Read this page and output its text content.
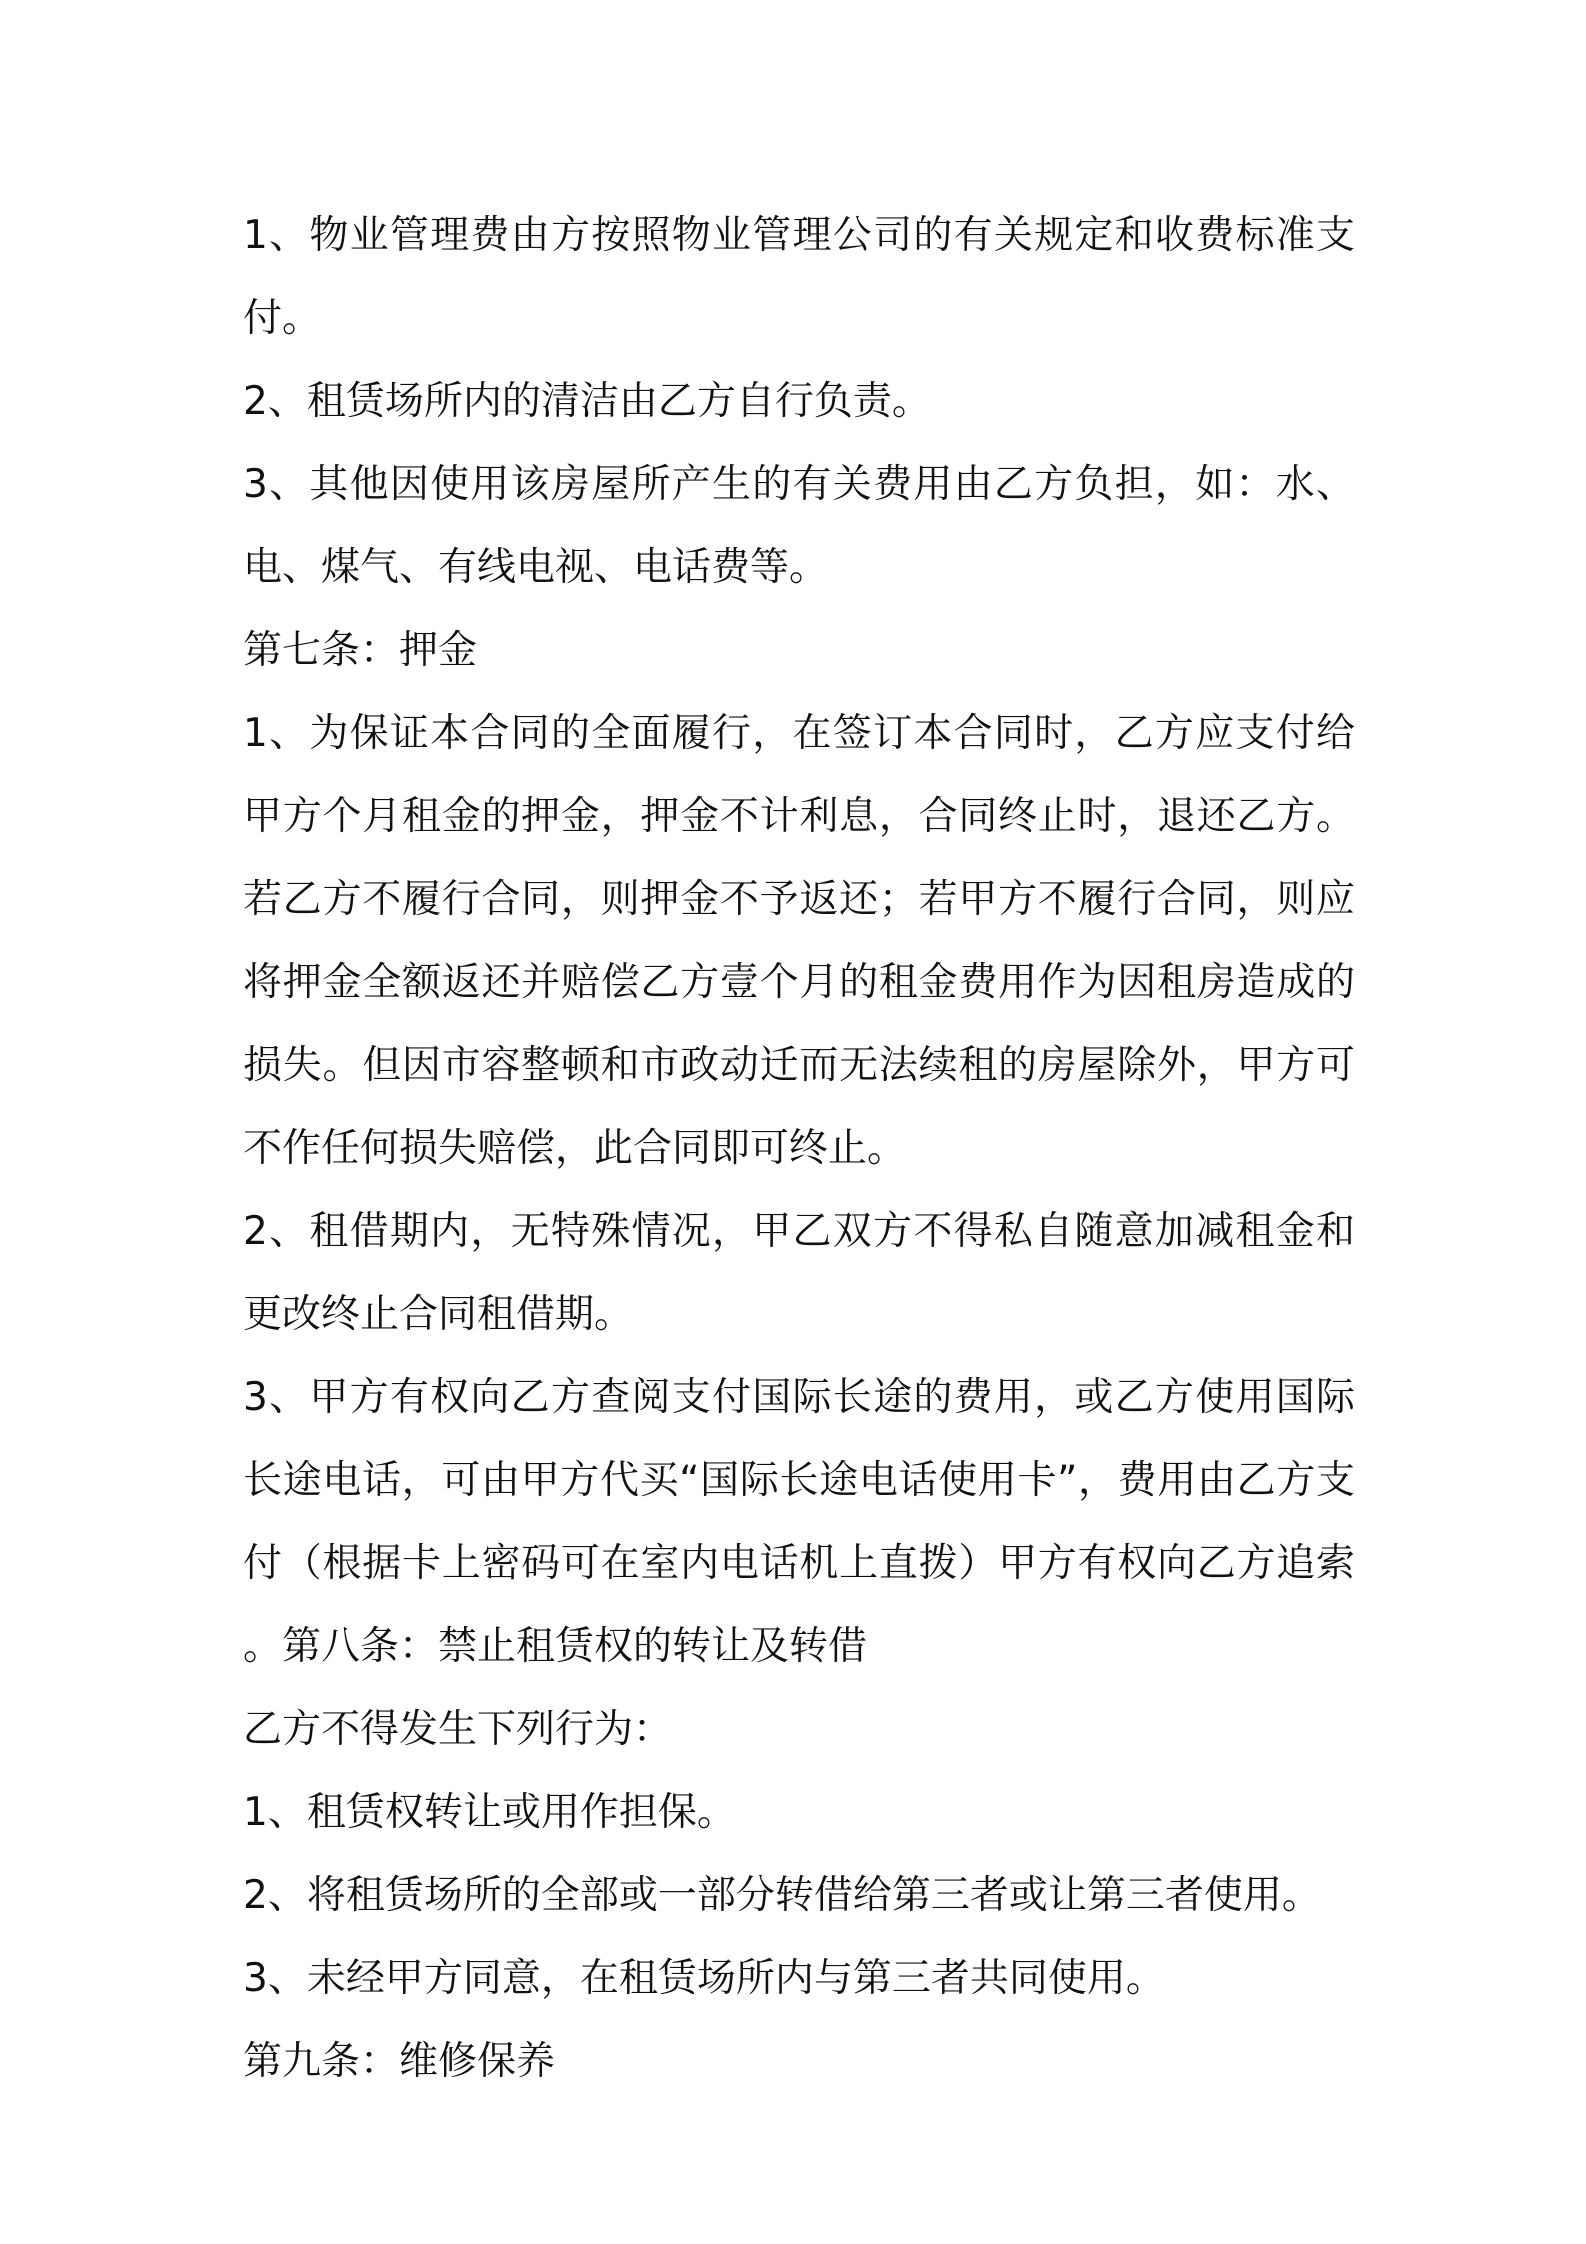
1、物业管理费由方按照物业管理公司的有关规定和收费标准支付。

2、租赁场所内的清洁由乙方自行负责。

3、其他因使用该房屋所产生的有关费用由乙方负担，如：水、电、煤气、有线电视、电话费等。

第七条：押金

1、为保证本合同的全面履行，在签订本合同时，乙方应支付给甲方个月租金的押金，押金不计利息，合同终止时，退还乙方。若乙方不履行合同，则押金不予返还；若甲方不履行合同，则应将押金全额返还并赔偿乙方壹个月的租金费用作为因租房造成的损失。但因市容整顿和市政动迁而无法续租的房屋除外，甲方可不作任何损失赔偿，此合同即可终止。

2、租借期内，无特殊情况，甲乙双方不得私自随意加减租金和更改终止合同租借期。

3、甲方有权向乙方查阅支付国际长途的费用，或乙方使用国际长途电话，可由甲方代买“国际长途电话使用卡”，费用由乙方支付（根据卡上密码可在室内电话机上直拨）甲方有权向乙方追索。第八条：禁止租赁权的转让及转借

乙方不得发生下列行为：

1、租赁权转让或用作担保。

2、将租赁场所的全部或一部分转借给第三者或让第三者使用。

3、未经甲方同意，在租赁场所内与第三者共同使用。

第九条：维修保养
